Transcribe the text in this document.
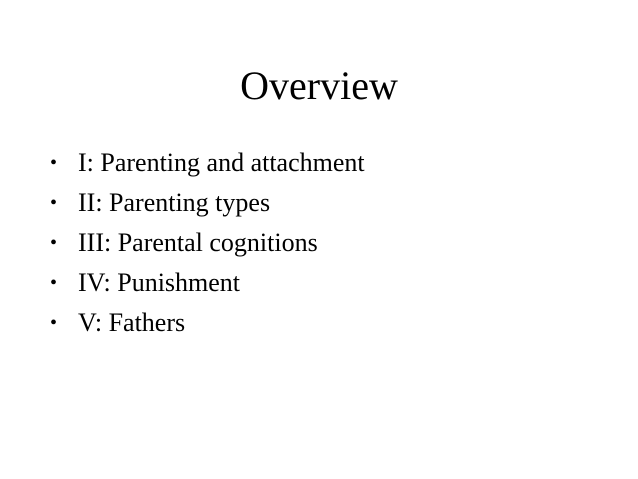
Overview
• I: Parenting and attachment
• II: Parenting types
• III: Parental cognitions
• IV: Punishment
• V: Fathers
